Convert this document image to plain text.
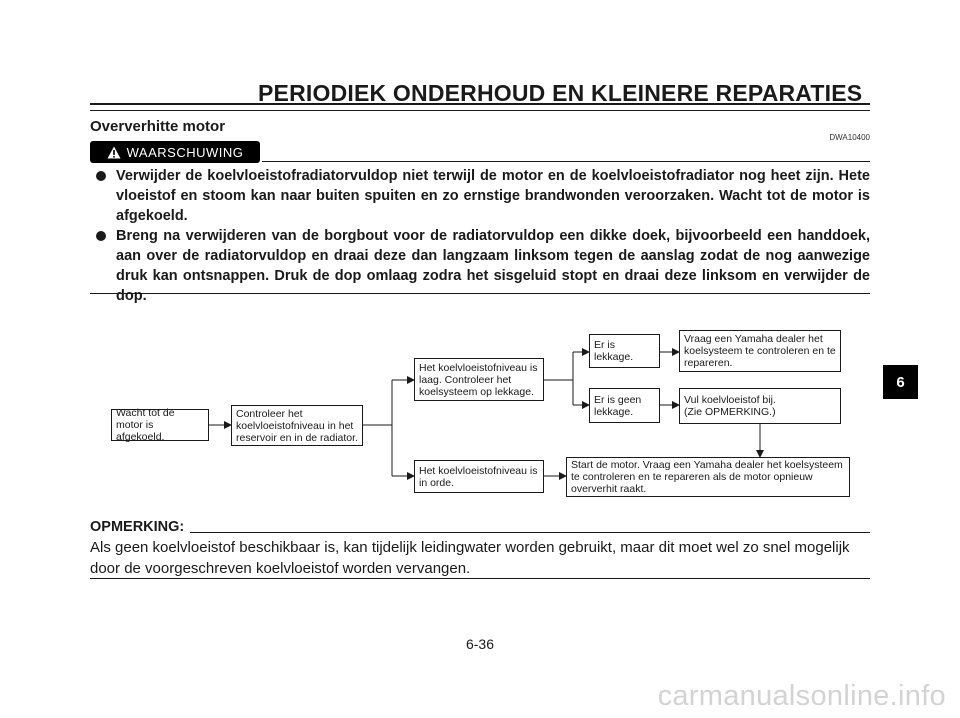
PERIODIEK ONDERHOUD EN KLEINERE REPARATIES
Oververhitte motor
DWA10400
WAARSCHUWING
Verwijder de koelvloeistofradiatorvuldop niet terwijl de motor en de koelvloeistofradiator nog heet zijn. Hete vloeistof en stoom kan naar buiten spuiten en zo ernstige brandwonden veroorzaken. Wacht tot de motor is afgekoeld.
Breng na verwijderen van de borgbout voor de radiatorvuldop een dikke doek, bijvoorbeeld een handdoek, aan over de radiatorvuldop en draai deze dan langzaam linksom tegen de aanslag zodat de nog aanwezige druk kan ontsnappen. Druk de dop omlaag zodra het sisgeluid stopt en draai deze linksom en verwijder de dop.
Wacht tot de
motor is afgekoeld.
Controleer het
koelvloeistofniveau in het
reservoir en in de radiator.
Het koelvloeistofniveau is
laag. Controleer het
koelsysteem op lekkage.
Het koelvloeistofniveau is
in orde.
Er is lekkage.
Er is geen
lekkage.
Vraag een Yamaha dealer het
koelsysteem te controleren en te
repareren.
Vul koelvloeistof bij.
(Zie OPMERKING.)
Start de motor. Vraag een Yamaha dealer het koelsysteem
te controleren en te repareren als de motor opnieuw
oververhit raakt.
OPMERKING:
Als geen koelvloeistof beschikbaar is, kan tijdelijk leidingwater worden gebruikt, maar dit moet wel zo snel mogelijk door de voorgeschreven koelvloeistof worden vervangen.
6-36
6
carmanualsonline.info
